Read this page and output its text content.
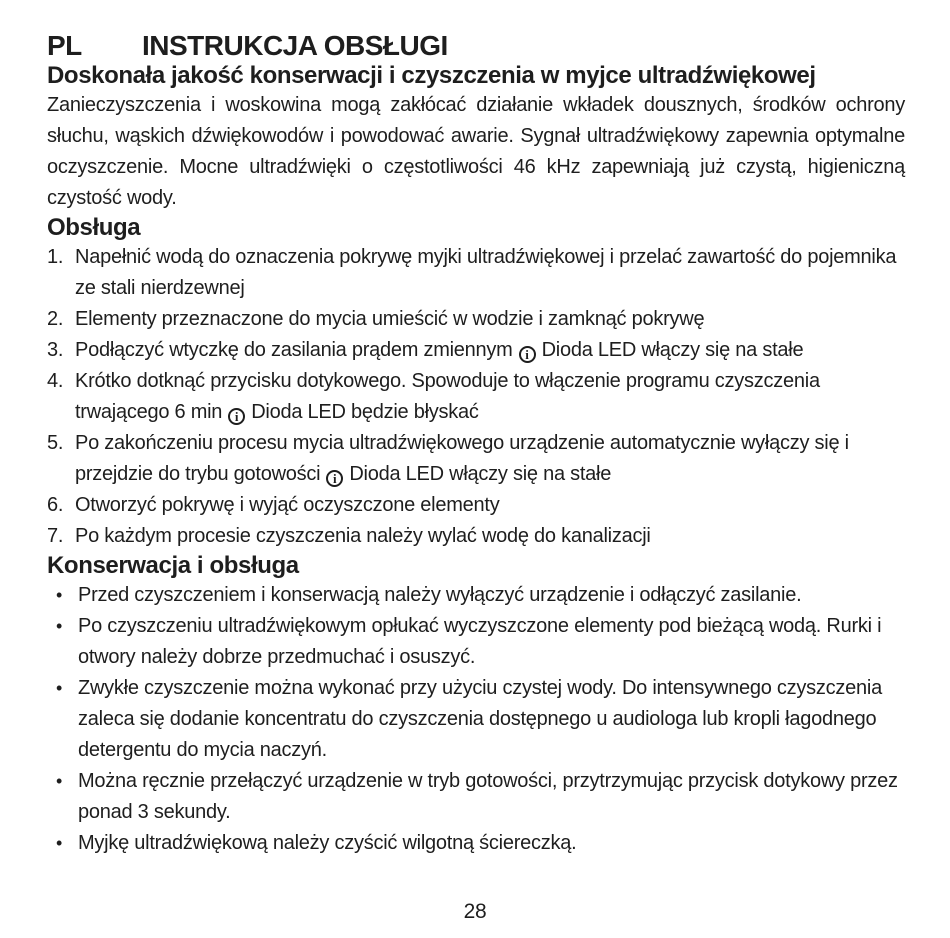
PL	INSTRUKCJA OBSŁUGI
Doskonała jakość konserwacji i czyszczenia w myjce ultradźwiękowej

Zanieczyszczenia i woskowina mogą zakłócać działanie wkładek dousznych, środków ochrony słuchu, wąskich dźwiękowodów i powodować awarie. Sygnał ultradźwiękowy zapewnia optymalne oczyszczenie. Mocne ultradźwięki o częstotliwości 46 kHz zapewniają już czystą, higieniczną czystość wody.

Obsługa
1. Napełnić wodą do oznaczenia pokrywę myjki ultradźwiękowej i przelać zawartość do pojemnika ze stali nierdzewnej
2. Elementy przeznaczone do mycia umieścić w wodzie i zamknąć pokrywę
3. Podłączyć wtyczkę do zasilania prądem zmiennym i Dioda LED włączy się na stałe
4. Krótko dotknąć przycisku dotykowego. Spowoduje to włączenie programu czyszczenia trwającego 6 min i Dioda LED będzie błyskać
5. Po zakończeniu procesu mycia ultradźwiękowego urządzenie automatycznie wyłączy się i przejdzie do trybu gotowości i Dioda LED włączy się na stałe
6. Otworzyć pokrywę i wyjąć oczyszczone elementy
7. Po każdym procesie czyszczenia należy wylać wodę do kanalizacji
Konserwacja i obsługa
• Przed czyszczeniem i konserwacją należy wyłączyć urządzenie i odłączyć zasilanie.
• Po czyszczeniu ultradźwiękowym opłukać wyczyszczone elementy pod bieżącą wodą. Rurki i otwory należy dobrze przedmuchać i osuszyć.
• Zwykłe czyszczenie można wykonać przy użyciu czystej wody. Do intensywnego czyszczenia zaleca się dodanie koncentratu do czyszczenia dostępnego u audiologa lub kropli łagodnego detergentu do mycia naczyń.
• Można ręcznie przełączyć urządzenie w tryb gotowości, przytrzymując przycisk dotykowy przez ponad 3 sekundy.
• Myjkę ultradźwiękową należy czyścić wilgotną ściereczką.
28
